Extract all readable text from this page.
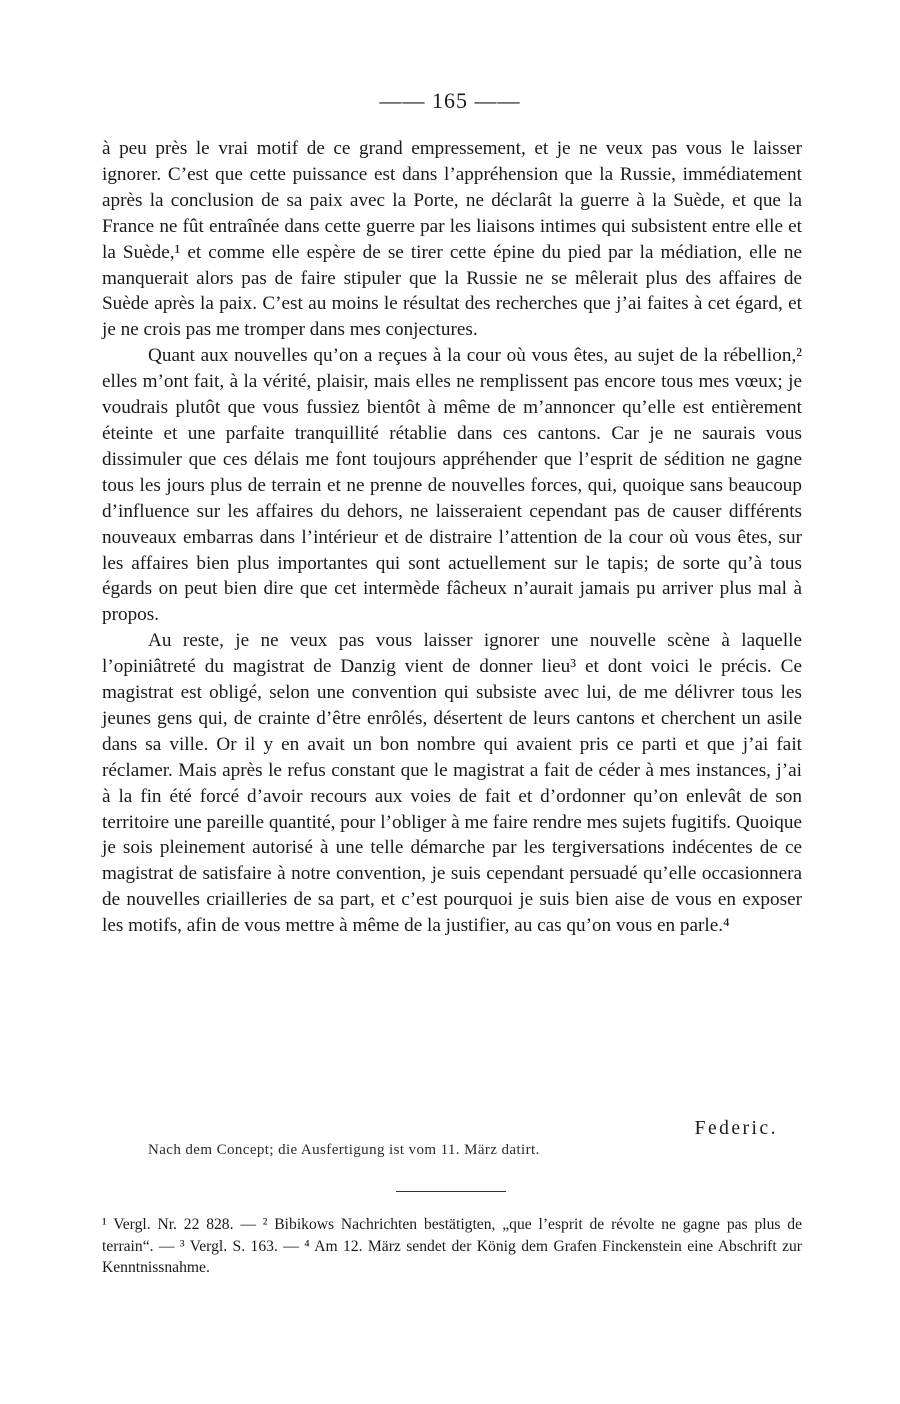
—— 165 ——

à peu près le vrai motif de ce grand empressement, et je ne veux pas vous le laisser ignorer. C’est que cette puissance est dans l’appréhension que la Russie, immédiatement après la conclusion de sa paix avec la Porte, ne déclarât la guerre à la Suède, et que la France ne fût entraînée dans cette guerre par les liaisons intimes qui subsistent entre elle et la Suède,¹ et comme elle espère de se tirer cette épine du pied par la médiation, elle ne manquerait alors pas de faire stipuler que la Russie ne se mêlerait plus des affaires de Suède après la paix. C’est au moins le résultat des recherches que j’ai faites à cet égard, et je ne crois pas me tromper dans mes conjectures.

Quant aux nouvelles qu’on a reçues à la cour où vous êtes, au sujet de la rébellion,² elles m’ont fait, à la vérité, plaisir, mais elles ne remplissent pas encore tous mes vœux; je voudrais plutôt que vous fussiez bientôt à même de m’annoncer qu’elle est entièrement éteinte et une parfaite tranquillité rétablie dans ces cantons. Car je ne saurais vous dissimuler que ces délais me font toujours appréhender que l’esprit de sédition ne gagne tous les jours plus de terrain et ne prenne de nouvelles forces, qui, quoique sans beaucoup d’influence sur les affaires du dehors, ne laisseraient cependant pas de causer différents nouveaux embarras dans l’intérieur et de distraire l’attention de la cour où vous êtes, sur les affaires bien plus importantes qui sont actuellement sur le tapis; de sorte qu’à tous égards on peut bien dire que cet intermède fâcheux n’aurait jamais pu arriver plus mal à propos.

Au reste, je ne veux pas vous laisser ignorer une nouvelle scène à laquelle l’opiniâtreté du magistrat de Danzig vient de donner lieu³ et dont voici le précis. Ce magistrat est obligé, selon une convention qui subsiste avec lui, de me délivrer tous les jeunes gens qui, de crainte d’être enrôlés, désertent de leurs cantons et cherchent un asile dans sa ville. Or il y en avait un bon nombre qui avaient pris ce parti et que j’ai fait réclamer. Mais après le refus constant que le magistrat a fait de céder à mes instances, j’ai à la fin été forcé d’avoir recours aux voies de fait et d’ordonner qu’on enlevât de son territoire une pareille quantité, pour l’obliger à me faire rendre mes sujets fugitifs. Quoique je sois pleinement autorisé à une telle démarche par les tergiversations indécentes de ce magistrat de satisfaire à notre convention, je suis cependant persuadé qu’elle occasionnera de nouvelles criailleries de sa part, et c’est pourquoi je suis bien aise de vous en exposer les motifs, afin de vous mettre à même de la justifier, au cas qu’on vous en parle.⁴

Federic.
Nach dem Concept; die Ausfertigung ist vom 11. März datirt.

¹ Vergl. Nr. 22 828. — ² Bibikows Nachrichten bestätigten, „que l’esprit de révolte ne gagne pas plus de terrain“. — ³ Vergl. S. 163. — ⁴ Am 12. März sendet der König dem Grafen Finckenstein eine Abschrift zur Kenntnissnahme.
